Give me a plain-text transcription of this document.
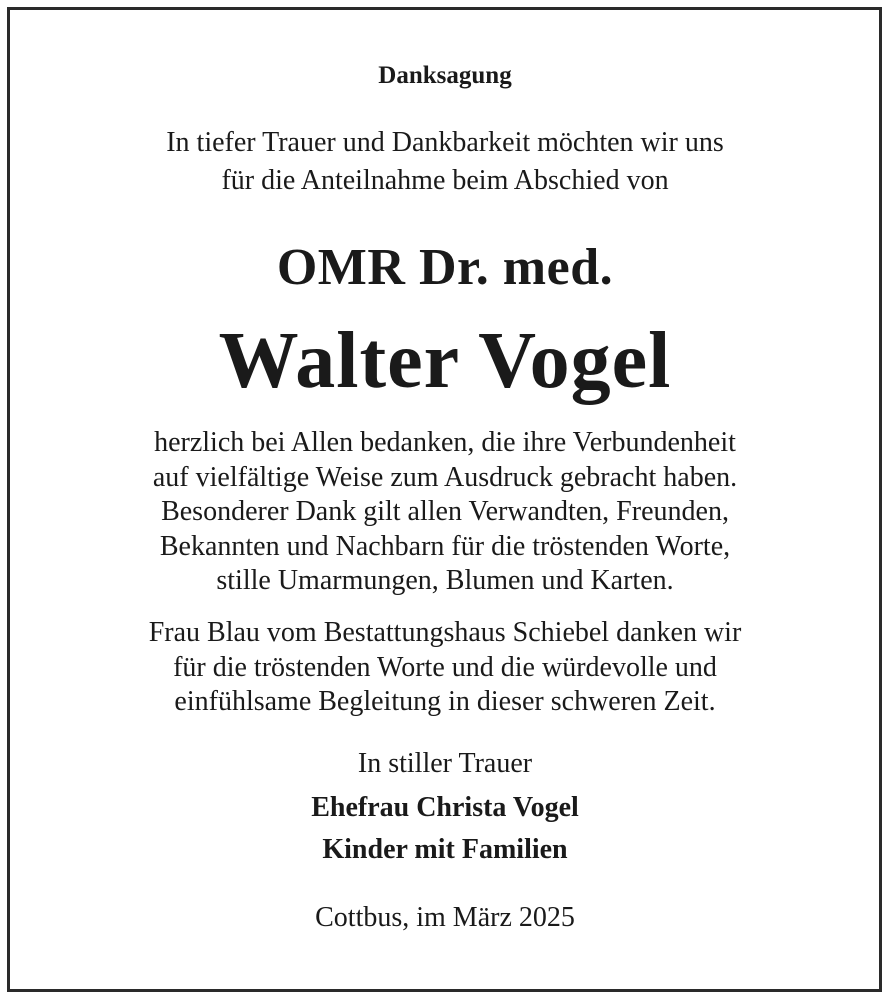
Danksagung
In tiefer Trauer und Dankbarkeit möchten wir uns
für die Anteilnahme beim Abschied von
OMR Dr. med.
Walter Vogel
herzlich bei Allen bedanken, die ihre Verbundenheit
auf vielfältige Weise zum Ausdruck gebracht haben.
Besonderer Dank gilt allen Verwandten, Freunden,
Bekannten und Nachbarn für die tröstenden Worte,
stille Umarmungen, Blumen und Karten.
Frau Blau vom Bestattungshaus Schiebel danken wir
für die tröstenden Worte und die würdevolle und
einfühlsame Begleitung in dieser schweren Zeit.
In stiller Trauer
Ehefrau Christa Vogel
Kinder mit Familien
Cottbus, im März 2025
